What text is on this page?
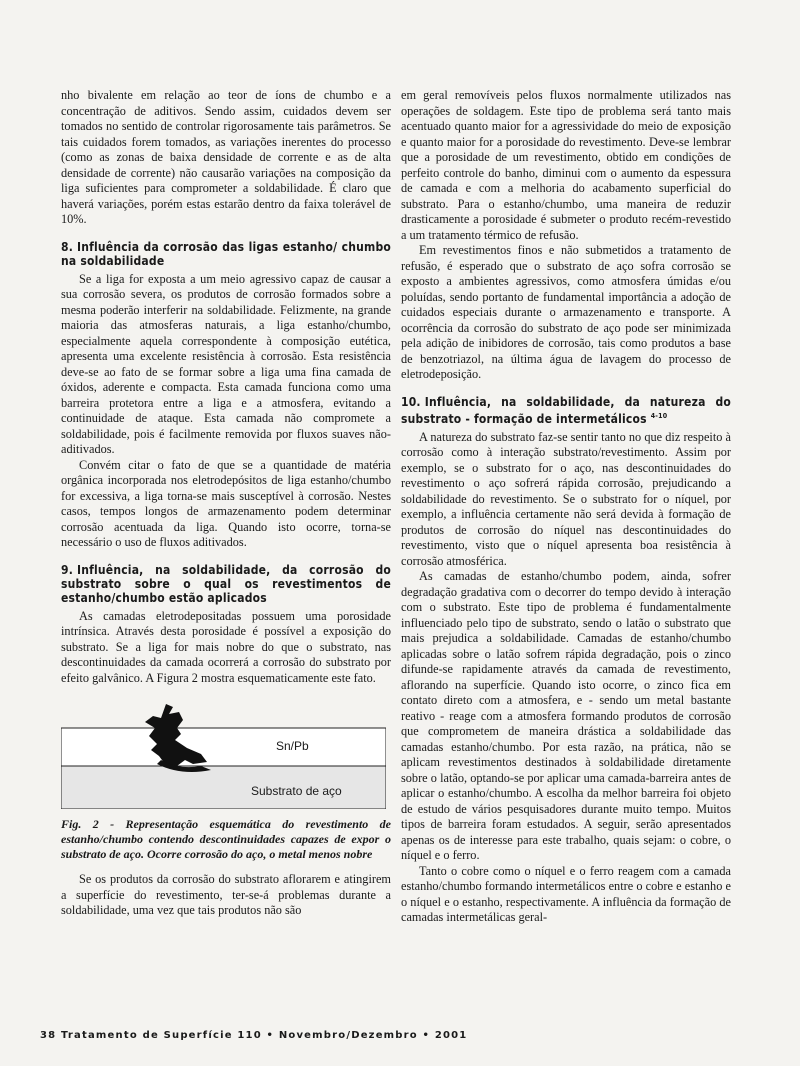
nho bivalente em relação ao teor de íons de chumbo e a concentração de aditivos. Sendo assim, cuidados devem ser tomados no sentido de controlar rigorosamente tais parâmetros. Se tais cuidados forem tomados, as variações inerentes do processo (como as zonas de baixa densidade de corrente e as de alta densidade de corrente) não causarão variações na composição da liga suficientes para comprometer a soldabilidade. É claro que haverá variações, porém estas estarão dentro da faixa tolerável de 10%.

8. Influência da corrosão das ligas estanho/ chumbo na soldabilidade

Se a liga for exposta a um meio agressivo capaz de causar a sua corrosão severa, os produtos de corrosão formados sobre a mesma poderão interferir na soldabilidade. Felizmente, na grande maioria das atmosferas naturais, a liga estanho/chumbo, especialmente aquela correspondente à composição eutética, apresenta uma excelente resistência à corrosão. Esta resistência deve-se ao fato de se formar sobre a liga uma fina camada de óxidos, aderente e compacta. Esta camada funciona como uma barreira protetora entre a liga e a atmosfera, evitando a continuidade de ataque. Esta camada não compromete a soldabilidade, pois é facilmente removida por fluxos suaves não-aditivados.

Convém citar o fato de que se a quantidade de matéria orgânica incorporada nos eletrodepósitos de liga estanho/chumbo for excessiva, a liga torna-se mais susceptível à corrosão. Nestes casos, tempos longos de armazenamento podem determinar corrosão acentuada da liga. Quando isto ocorre, torna-se necessário o uso de fluxos aditivados.

9. Influência, na soldabilidade, da corrosão do substrato sobre o qual os revestimentos de estanho/chumbo estão aplicados

As camadas eletrodepositadas possuem uma porosidade intrínsica. Através desta porosidade é possível a exposição do substrato. Se a liga for mais nobre do que o substrato, nas descontinuidades da camada ocorrerá a corrosão do substrato por efeito galvânico. A Figura 2 mostra esquematicamente este fato.

Sn/Pb
Substrato de aço
Fig. 2 - Representação esquemática do revestimento de estanho/chumbo contendo descontinuidades capazes de expor o substrato de aço. Ocorre corrosão do aço, o metal menos nobre

Se os produtos da corrosão do substrato aflorarem e atingirem a superfície do revestimento, ter-se-á problemas durante a soldabilidade, uma vez que tais produtos não são

em geral removíveis pelos fluxos normalmente utilizados nas operações de soldagem. Este tipo de problema será tanto mais acentuado quanto maior for a agressividade do meio de exposição e quanto maior for a porosidade do revestimento. Deve-se lembrar que a porosidade de um revestimento, obtido em condições de perfeito controle do banho, diminui com o aumento da espessura de camada e com a melhoria do acabamento superficial do substrato. Para o estanho/chumbo, uma maneira de reduzir drasticamente a porosidade é submeter o produto recém-revestido a um tratamento térmico de refusão.

Em revestimentos finos e não submetidos a tratamento de refusão, é esperado que o substrato de aço sofra corrosão se exposto a ambientes agressivos, como atmosfera úmidas e/ou poluídas, sendo portanto de fundamental importância a adoção de cuidados especiais durante o armazenamento e transporte. A ocorrência da corrosão do substrato de aço pode ser minimizada pela adição de inibidores de corrosão, tais como produtos a base de benzotriazol, na última água de lavagem do processo de eletrodeposição.

10. Influência, na soldabilidade, da natureza do substrato - formação de intermetálicos $^{4-10}$

A natureza do substrato faz-se sentir tanto no que diz respeito à corrosão como à interação substrato/revestimento. Assim por exemplo, se o substrato for o aço, nas descontinuidades do revestimento o aço sofrerá rápida corrosão, prejudicando a soldabilidade do revestimento. Se o substrato for o níquel, por exemplo, a influência certamente não será devida à formação de produtos de corrosão do níquel nas descontinuidades do revestimento, visto que o níquel apresenta boa resistência à corrosão atmosférica.

As camadas de estanho/chumbo podem, ainda, sofrer degradação gradativa com o decorrer do tempo devido à interação com o substrato. Este tipo de problema é fundamentalmente influenciado pelo tipo de substrato, sendo o latão o substrato que mais prejudica a soldabilidade. Camadas de estanho/chumbo aplicadas sobre o latão sofrem rápida degradação, pois o zinco difunde-se rapidamente através da camada de revestimento, aflorando na superfície. Quando isto ocorre, o zinco fica em contato direto com a atmosfera, e - sendo um metal bastante reativo - reage com a atmosfera formando produtos de corrosão que comprometem de maneira drástica a soldabilidade das camadas estanho/chumbo. Por esta razão, na prática, não se aplicam revestimentos destinados à soldabilidade diretamente sobre o latão, optando-se por aplicar uma camada-barreira antes de aplicar o estanho/chumbo. A escolha da melhor barreira foi objeto de estudo de vários pesquisadores durante muito tempo. Muitos tipos de barreira foram estudados. A seguir, serão apresentados apenas os de interesse para este trabalho, quais sejam: o cobre, o níquel e o ferro.

Tanto o cobre como o níquel e o ferro reagem com a camada estanho/chumbo formando intermetálicos entre o cobre e estanho e o níquel e o estanho, respectivamente. A influência da formação de camadas intermetálicas geral-

38 Tratamento de Superfície 110 • Novembro/Dezembro • 2001
